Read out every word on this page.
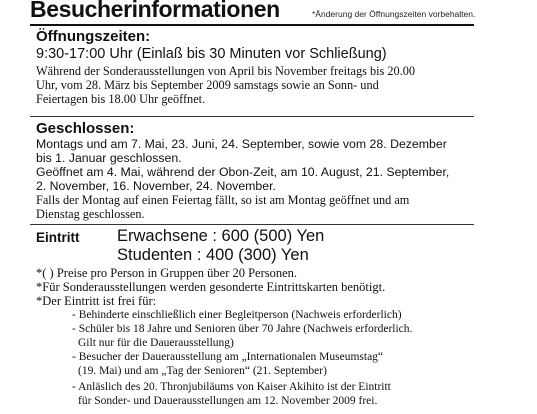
Besucherinformationen	*Änderung der Öffnungszeiten vorbehalten.

Öffnungszeiten:

9:30-17:00 Uhr (Einlaß bis 30 Minuten vor Schließung)

Während der Sonderausstellungen von April bis November freitags bis 20.00

Uhr, vom 28. März bis September 2009 samstags sowie an Sonn- und

Feiertagen bis 18.00 Uhr geöffnet.

Geschlossen:

Montags und am 7. Mai, 23. Juni, 24. September, sowie vom 28. Dezember

bis 1. Januar geschlossen.

Geöffnet am 4. Mai, während der Obon-Zeit, am 10. August, 21. September,

2. November, 16. November, 24. November.

Falls der Montag auf einen Feiertag fällt, so ist am Montag geöffnet und am

Dienstag geschlossen.

Eintritt Erwachsene : 600 (500) Yen
Studenten : 400 (300) Yen
*( ) Preise pro Person in Gruppen über 20 Personen.
*Für Sonderausstellungen werden gesonderte Eintrittskarten benötigt.
*Der Eintritt ist frei für:
- Behinderte einschließlich einer Begleitperson (Nachweis erforderlich)
- Schüler bis 18 Jahre und Senioren über 70 Jahre (Nachweis erforderlich.
Gilt nur für die Dauerausstellung)
- Besucher der Dauerausstellung am „Internationalen Museumstag“
(19. Mai) und am „Tag der Senioren“ (21. September)
- Anläslich des 20. Thronjubiläums von Kaiser Akihito ist der Eintritt
für Sonder- und Dauerausstellungen am 12. November 2009 frei.
